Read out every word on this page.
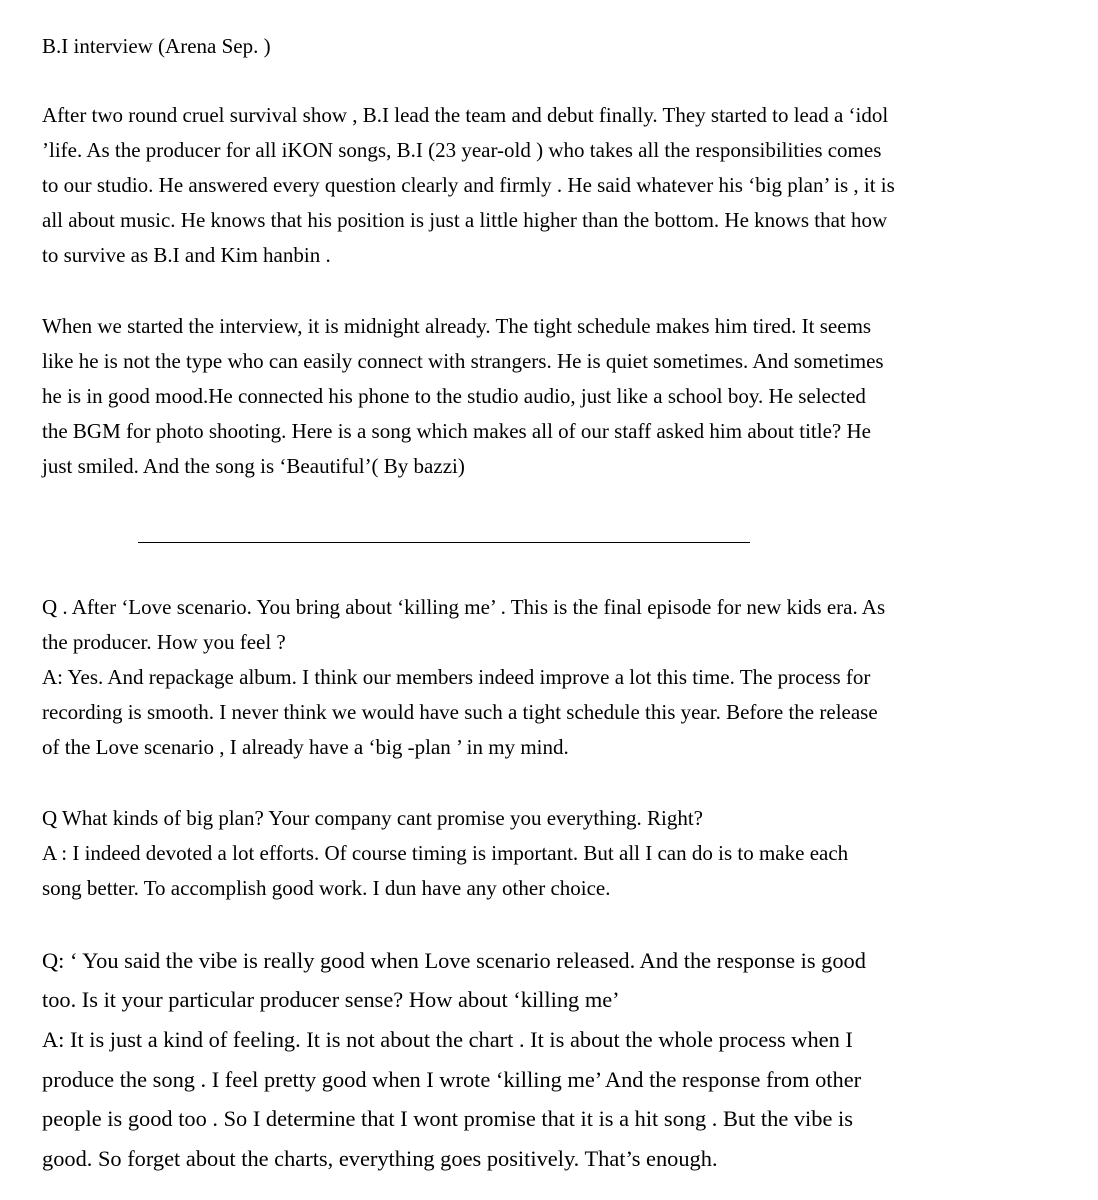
B.I interview (Arena Sep. )
After two round cruel survival show , B.I lead the team and debut finally. They started to lead a ‘idol
’life. As the producer for all iKON songs, B.I (23 year-old ) who takes all the responsibilities comes
to our studio. He answered every question clearly and firmly . He said whatever his ‘big plan’ is , it is
all about music. He knows that his position is just a little higher than the bottom. He knows that how
to survive as B.I and Kim hanbin .
When we started the interview, it is midnight already. The tight schedule makes him tired. It seems
like he is not the type who can easily connect with strangers. He is quiet sometimes. And sometimes
he is in good mood.He connected his phone to the studio audio, just like a school boy. He selected
the BGM for photo shooting. Here is a song which makes all of our staff asked him about title? He
just smiled. And the song is ‘Beautiful’( By bazzi)
Q . After ‘Love scenario. You bring about ‘killing me’ . This is the final episode for new kids era. As
the producer. How you feel ?
A: Yes. And repackage album. I think our members indeed improve a lot this time. The process for
recording is smooth. I never think we would have such a tight schedule this year. Before the release
of the Love scenario , I already have a ‘big -plan ’ in my mind.
Q What kinds of big plan? Your company cant promise you everything. Right?
A : I indeed devoted a lot efforts. Of course timing is important. But all I can do is to make each
song better. To accomplish good work. I dun have any other choice.
Q: ‘ You said the vibe is really good when Love scenario released. And the response is good
too. Is it your particular producer sense? How about ‘killing me’
A: It is just a kind of feeling. It is not about the chart . It is about the whole process when I
produce the song . I feel pretty good when I wrote ‘killing me’ And the response from other
people is good too . So I determine that I wont promise that it is a hit song . But the vibe is
good. So forget about the charts, everything goes positively. That’s enough.
